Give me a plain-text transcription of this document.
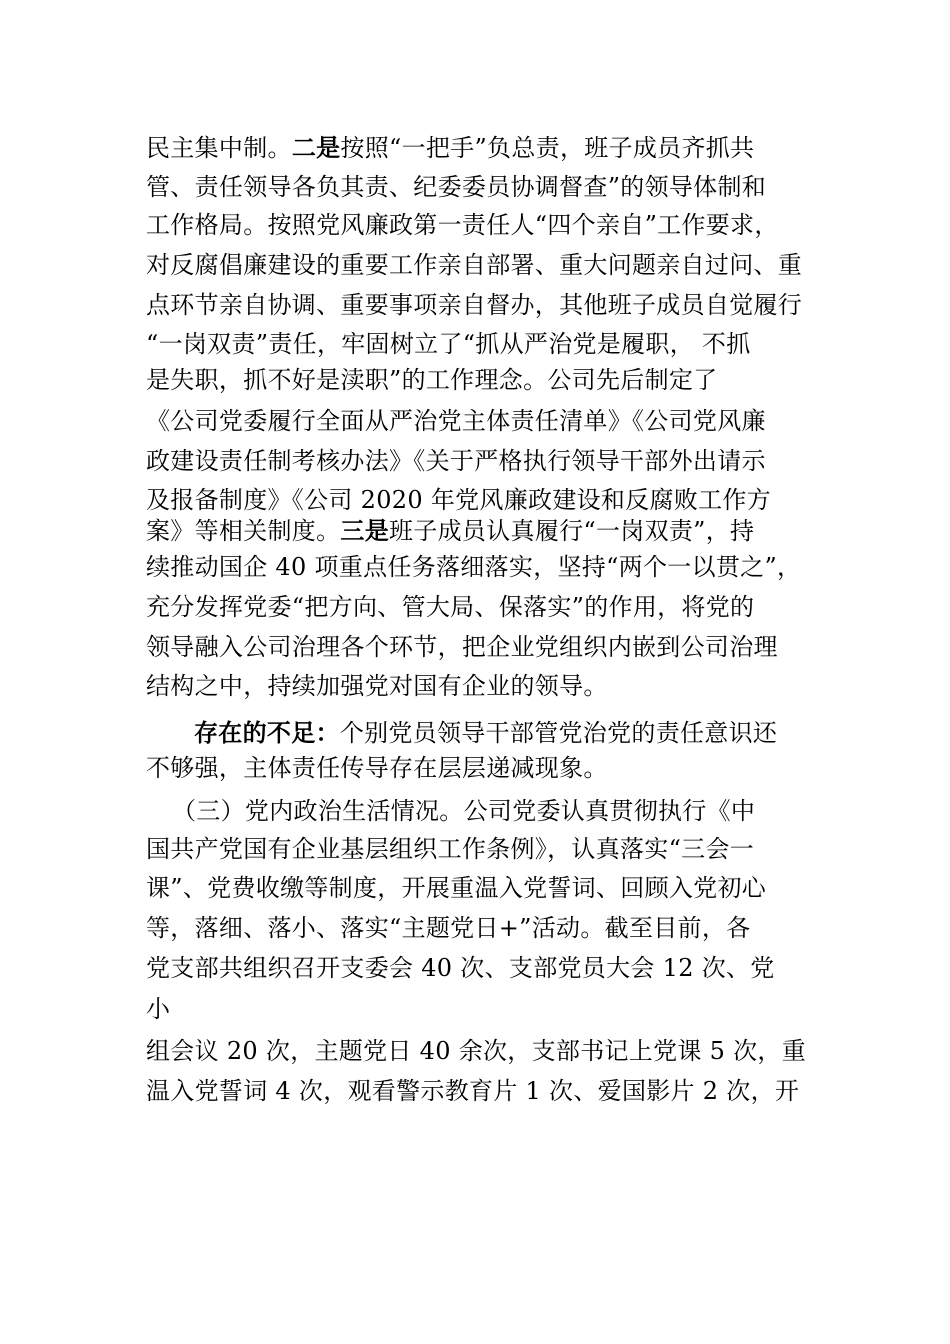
民主集中制。二是按照“一把手”负总责，班子成员齐抓共
管、责任领导各负其责、纪委委员协调督查”的领导体制和
工作格局。按照党风廉政第一责任人“四个亲自”工作要求，
对反腐倡廉建设的重要工作亲自部署、重大问题亲自过问、重
点环节亲自协调、重要事项亲自督办，其他班子成员自觉履行
“一岗双责”责任，牢固树立了“抓从严治党是履职， 不抓
是失职，抓不好是渎职”的工作理念。公司先后制定了
《公司党委履行全面从严治党主体责任清单》《公司党风廉
政建设责任制考核办法》《关于严格执行领导干部外出请示
及报备制度》《公司 2020 年党风廉政建设和反腐败工作方
案》等相关制度。三是班子成员认真履行“一岗双责”，持
续推动国企 40 项重点任务落细落实，坚持“两个一以贯之”，
充分发挥党委“把方向、管大局、保落实”的作用，将党的
领导融入公司治理各个环节，把企业党组织内嵌到公司治理
结构之中，持续加强党对国有企业的领导。
存在的不足：个别党员领导干部管党治党的责任意识还
不够强，主体责任传导存在层层递减现象。
（三）党内政治生活情况。公司党委认真贯彻执行《中
国共产党国有企业基层组织工作条例》，认真落实“三会一
课”、党费收缴等制度，开展重温入党誓词、回顾入党初心
等，落细、落小、落实“主题党日+”活动。截至目前，各
党支部共组织召开支委会 40 次、支部党员大会 12 次、党
小
组会议 20 次，主题党日 40 余次，支部书记上党课 5 次，重
温入党誓词 4 次，观看警示教育片 1 次、爱国影片 2 次，开
